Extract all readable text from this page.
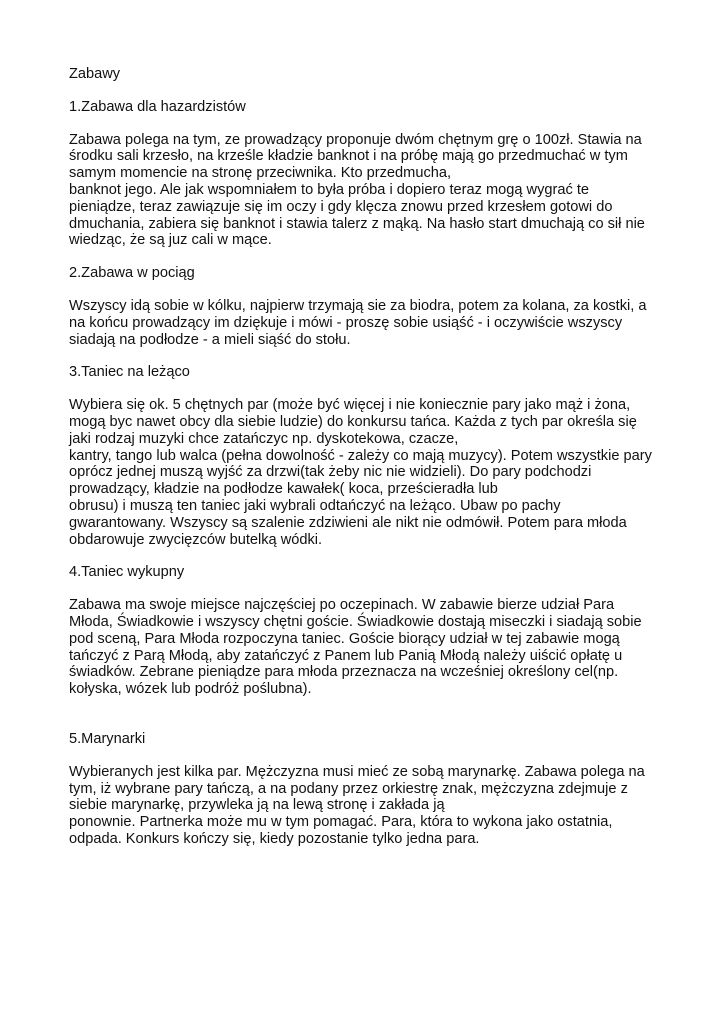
Zabawy
1.Zabawa dla hazardzistów
Zabawa polega na tym, ze prowadzący proponuje dwóm chętnym grę o 100zł. Stawia na
środku sali krzesło, na krześle kładzie banknot i na próbę mają go przedmuchać w tym
samym momencie na stronę przeciwnika. Kto przedmucha,
banknot jego. Ale jak wspomniałem to była próba i dopiero teraz mogą wygrać te
pieniądze, teraz zawiązuje się im oczy i gdy klęcza znowu przed krzesłem gotowi do
dmuchania, zabiera się banknot i stawia talerz z mąką. Na hasło start dmuchają co sił nie
wiedząc, że są juz cali w mące.
2.Zabawa w pociąg
Wszyscy idą sobie w kólku, najpierw trzymają sie za biodra, potem za kolana, za kostki, a
na końcu prowadzący im dziękuje i mówi - proszę sobie usiąść - i oczywiście wszyscy
siadają na podłodze - a mieli siąść do stołu.
3.Taniec na leżąco
Wybiera się ok. 5 chętnych par (może być więcej i nie koniecznie pary jako mąż i żona,
mogą byc nawet obcy dla siebie ludzie) do konkursu tańca. Każda z tych par określa się
jaki rodzaj muzyki chce zatańczyc np. dyskotekowa, czacze,
kantry, tango lub walca (pełna dowolność - zależy co mają muzycy). Potem wszystkie pary
oprócz jednej muszą wyjść za drzwi(tak żeby nic nie widzieli). Do pary podchodzi
prowadzący, kładzie na podłodze kawałek( koca, prześcieradła lub
obrusu) i muszą ten taniec jaki wybrali odtańczyć na leżąco. Ubaw po pachy
gwarantowany. Wszyscy są szalenie zdziwieni ale nikt nie odmówił. Potem para młoda
obdarowuje zwycięzców butelką wódki.
4.Taniec wykupny
Zabawa ma swoje miejsce najczęściej po oczepinach. W zabawie bierze udział Para
Młoda, Świadkowie i wszyscy chętni goście. Świadkowie dostają miseczki i siadają sobie
pod sceną, Para Młoda rozpoczyna taniec. Goście biorący udział w tej zabawie mogą
tańczyć z Parą Młodą, aby zatańczyć z Panem lub Panią Młodą należy uiścić opłatę u
świadków. Zebrane pieniądze para młoda przeznacza na wcześniej określony cel(np.
kołyska, wózek lub podróż poślubna).
5.Marynarki
Wybieranych jest kilka par. Mężczyzna musi mieć ze sobą marynarkę. Zabawa polega na
tym, iż wybrane pary tańczą, a na podany przez orkiestrę znak, mężczyzna zdejmuje z
siebie marynarkę, przywleka ją na lewą stronę i zakłada ją
ponownie. Partnerka może mu w tym pomagać. Para, która to wykona jako ostatnia,
odpada. Konkurs kończy się, kiedy pozostanie tylko jedna para.
